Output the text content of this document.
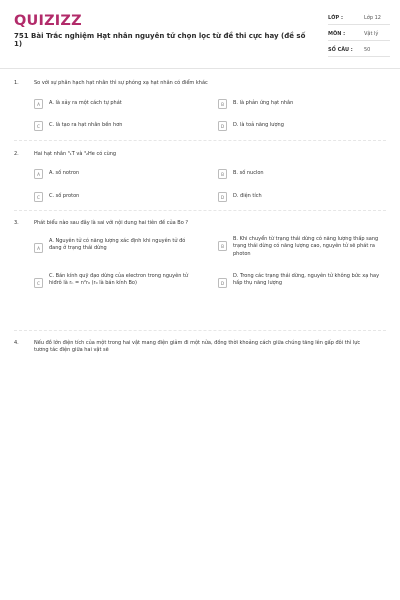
QUIZIZZ
751 Bài Trắc nghiệm Hạt nhân nguyên tử chọn lọc từ đề thi cực hay (đề số 1)
LỚP :	Lớp 12
MÔN :	Vật lý
SỐ CÂU : 50
1.	So với sự phân hạch hạt nhân thì sự phóng xạ hạt nhân có điểm khác
A	A. là xảy ra một cách tự phát	B	B. là phản ứng hạt nhân
C	C. là tạo ra hạt nhân bền hơn	D	D. là toả năng lượng
2.	Hai hạt nhân ³₁T và ³₂He có cùng
A	A. số notron	B	B. số nuclon
C	C. số proton	D	D. điện tích
3.	Phát biểu nào sau đây là sai với nội dung hai tiên đề của Bo ?
A
A. Nguyên tử có năng lượng xác định khi nguyên tử đó đang ở trạng thái dừng	B
B. Khi chuyển từ trạng thái dừng có năng lượng thấp sang trạng thái dừng có năng lượng cao, nguyên tử sẽ phát ra photon
C
C. Bán kính quỹ đạo dừng của electron trong nguyên tử hiđrô là rₙ = n²r₀ (r₀ là bán kính Bo)	D
D. Trong các trạng thái dừng, nguyên tử không bức xạ hay hấp thụ năng lượng
4.	Nếu đồ lớn điện tích của một trong hai vật mang điện giảm đi một nửa, đồng thời khoảng cách giữa chúng tăng lên gấp đôi thì lực tương tác điện giữa hai vật sẽ
